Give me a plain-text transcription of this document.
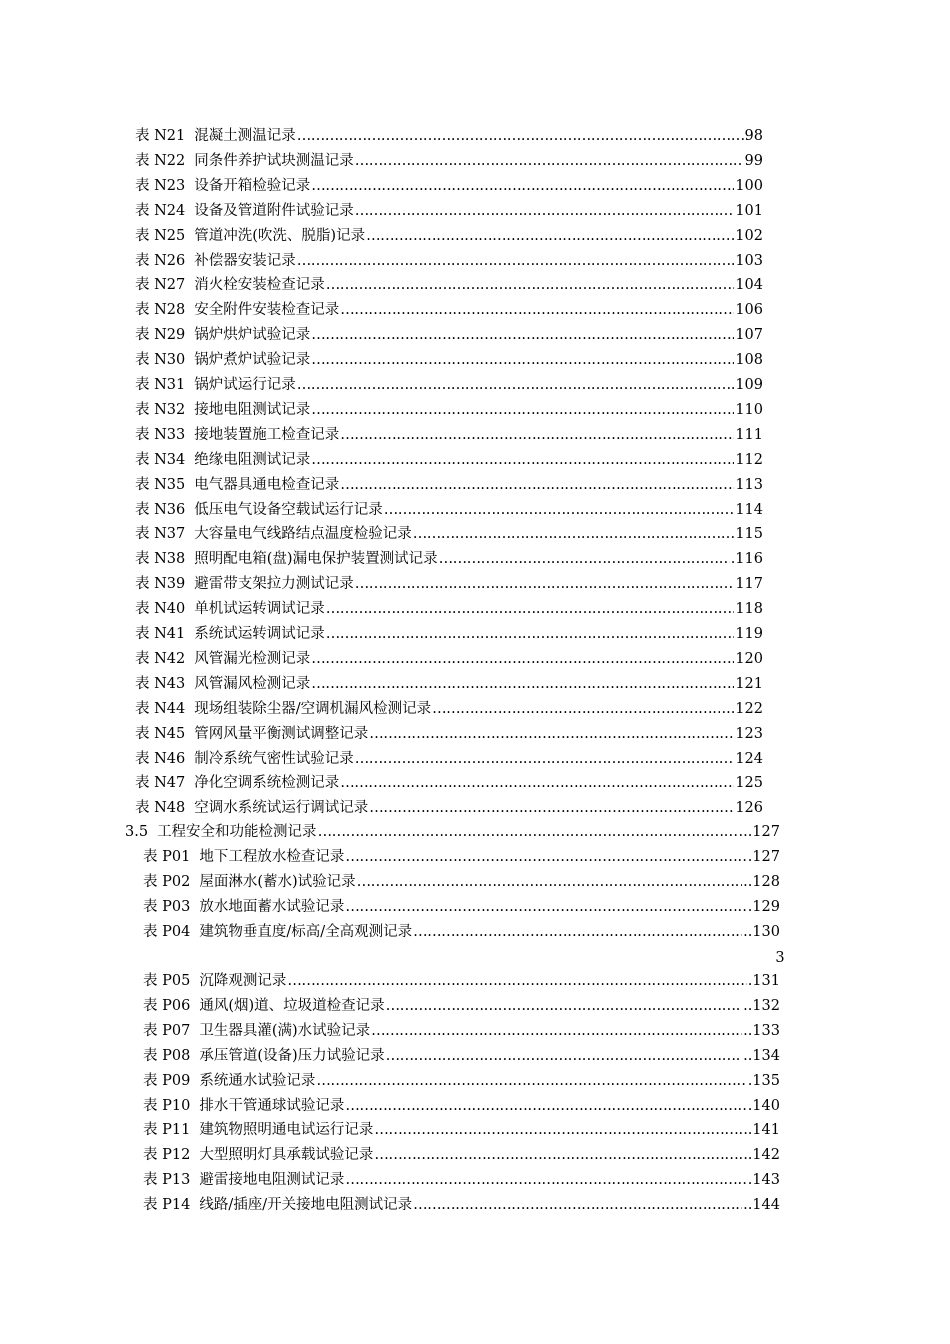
表 N21 混凝土测温记录 ………………………………………………………………………………………………………………………………………………………………………………………………………………	98
表 N22 同条件养护试块测温记录 ………………………………………………………………………………………………………………………………………………………………………………………………………………	99
表 N23 设备开箱检验记录 ………………………………………………………………………………………………………………………………………………………………………………………………………………	100
表 N24 设备及管道附件试验记录 ………………………………………………………………………………………………………………………………………………………………………………………………………………	101
表 N25 管道冲洗(吹洗、脱脂)记录 ………………………………………………………………………………………………………………………………………………………………………………………………………………	.102
表 N26 补偿器安装记录 ………………………………………………………………………………………………………………………………………………………………………………………………………………	103
表 N27 消火栓安装检查记录 ………………………………………………………………………………………………………………………………………………………………………………………………………………	104
表 N28 安全附件安装检查记录 ………………………………………………………………………………………………………………………………………………………………………………………………………………	106
表 N29 锅炉烘炉试验记录 ………………………………………………………………………………………………………………………………………………………………………………………………………………	107
表 N30 锅炉煮炉试验记录 ………………………………………………………………………………………………………………………………………………………………………………………………………………	108
表 N31 锅炉试运行记录 ………………………………………………………………………………………………………………………………………………………………………………………………………………	109
表 N32 接地电阻测试记录 ………………………………………………………………………………………………………………………………………………………………………………………………………………	110
表 N33 接地装置施工检查记录 ………………………………………………………………………………………………………………………………………………………………………………………………………………	111
表 N34 绝缘电阻测试记录 ………………………………………………………………………………………………………………………………………………………………………………………………………………	112
表 N35 电气器具通电检查记录 ………………………………………………………………………………………………………………………………………………………………………………………………………………	113
表 N36 低压电气设备空载试运行记录 ………………………………………………………………………………………………………………………………………………………………………………………………………………	114
表 N37 大容量电气线路结点温度检验记录 ………………………………………………………………………………………………………………………………………………………………………………………………………………	115
表 N38 照明配电箱(盘)漏电保护装置测试记录 ………………………………………………………………………………………………………………………………………………………………………………………………………………	.116
表 N39 避雷带支架拉力测试记录 ………………………………………………………………………………………………………………………………………………………………………………………………………………	117
表 N40 单机试运转调试记录 ………………………………………………………………………………………………………………………………………………………………………………………………………………	118
表 N41 系统试运转调试记录 ………………………………………………………………………………………………………………………………………………………………………………………………………………	119
表 N42 风管漏光检测记录 ………………………………………………………………………………………………………………………………………………………………………………………………………………	120
表 N43 风管漏风检测记录 ………………………………………………………………………………………………………………………………………………………………………………………………………………	121
表 N44 现场组装除尘器/空调机漏风检测记录 ………………………………………………………………………………………………………………………………………………………………………………………………………………	...122
表 N45 管网风量平衡测试调整记录 ………………………………………………………………………………………………………………………………………………………………………………………………………………	123
表 N46 制冷系统气密性试验记录 ………………………………………………………………………………………………………………………………………………………………………………………………………………	124
表 N47 净化空调系统检测记录 ………………………………………………………………………………………………………………………………………………………………………………………………………………	125
表 N48 空调水系统试运行调试记录 ………………………………………………………………………………………………………………………………………………………………………………………………………………	126
3.5 工程安全和功能检测记录 ………………………………………………………………………………………………………………………………………………………………………………………………………………	...127
表 P01 地下工程放水检查记录 ………………………………………………………………………………………………………………………………………………………………………………………………………………	.127
表 P02 屋面淋水(蓄水)试验记录 ………………………………………………………………………………………………………………………………………………………………………………………………………………	..128
表 P03 放水地面蓄水试验记录 ………………………………………………………………………………………………………………………………………………………………………………………………………………	.129
表 P04 建筑物垂直度/标高/全高观测记录 ………………………………………………………………………………………………………………………………………………………………………………………………………………	..130
3
表 P05 沉降观测记录 ………………………………………………………………………………………………………………………………………………………………………………………………………………	.131
表 P06 通风(烟)道、垃圾道检查记录 ………………………………………………………………………………………………………………………………………………………………………………………………………………	..132
表 P07 卫生器具灌(满)水试验记录 ………………………………………………………………………………………………………………………………………………………………………………………………………………	..133
表 P08 承压管道(设备)压力试验记录 ………………………………………………………………………………………………………………………………………………………………………………………………………………	..134
表 P09 系统通水试验记录 ………………………………………………………………………………………………………………………………………………………………………………………………………………	.135
表 P10 排水干管通球试验记录 ………………………………………………………………………………………………………………………………………………………………………………………………………………	.140
表 P11 建筑物照明通电试运行记录 ………………………………………………………………………………………………………………………………………………………………………………………………………………	.141
表 P12 大型照明灯具承载试验记录 ………………………………………………………………………………………………………………………………………………………………………………………………………………	.142
表 P13 避雷接地电阻测试记录 ………………………………………………………………………………………………………………………………………………………………………………………………………………	.143
表 P14 线路/插座/开关接地电阻测试记录 ………………………………………………………………………………………………………………………………………………………………………………………………………………	..144
